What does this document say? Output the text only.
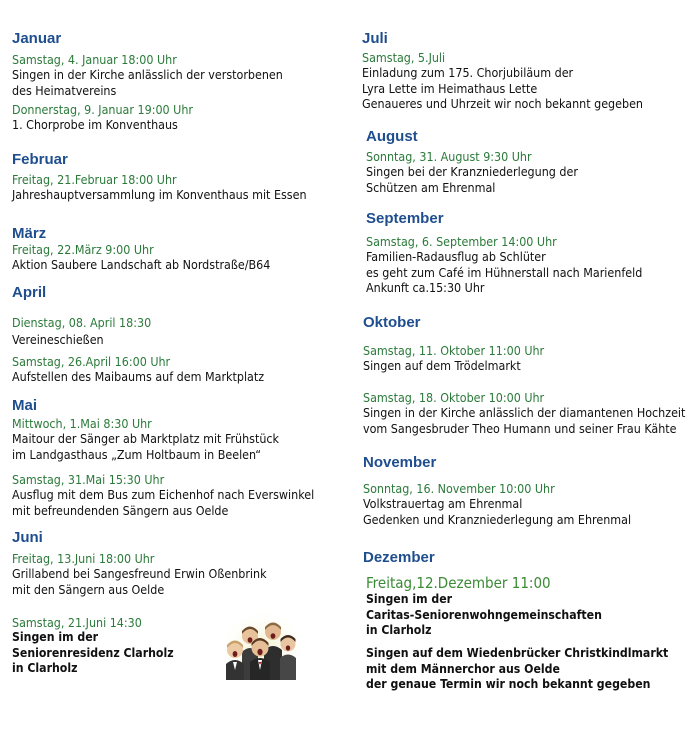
Januar
Samstag, 4. Januar 18:00 Uhr
Singen in der Kirche anlässlich der verstorbenen
des Heimatvereins
Donnerstag, 9. Januar 19:00 Uhr
1. Chorprobe im Konventhaus
Februar
Freitag, 21.Februar 18:00 Uhr
Jahreshauptversammlung im Konventhaus mit Essen
März
Freitag, 22.März 9:00 Uhr
Aktion Saubere Landschaft ab Nordstraße/B64
April
Dienstag, 08. April 18:30
Vereineschießen
Samstag, 26.April 16:00 Uhr
Aufstellen des Maibaums auf dem Marktplatz
Mai
Mittwoch, 1.Mai 8:30 Uhr
Maitour der Sänger ab Marktplatz mit Frühstück
im Landgasthaus „Zum Holtbaum in Beelen“
Samstag, 31.Mai 15:30 Uhr
Ausflug mit dem Bus zum Eichenhof nach Everswinkel
mit befreundenden Sängern aus Oelde
Juni
Freitag, 13.Juni 18:00 Uhr
Grillabend bei Sangesfreund Erwin Oßenbrink
mit den Sängern aus Oelde
Samstag, 21.Juni 14:30
Singen im der
Seniorenresidenz Clarholz
in Clarholz
Juli
Samstag, 5.Juli
Einladung zum 175. Chorjubiläum der
Lyra Lette im Heimathaus Lette
Genaueres und Uhrzeit wir noch bekannt gegeben
August
Sonntag, 31. August 9:30 Uhr
Singen bei der Kranzniederlegung der
Schützen am Ehrenmal
September
Samstag, 6. September 14:00 Uhr
Familien-Radausflug ab Schlüter
es geht zum Café im Hühnerstall nach Marienfeld
Ankunft ca.15:30 Uhr
Oktober
Samstag, 11. Oktober 11:00 Uhr
Singen auf dem Trödelmarkt
Samstag, 18. Oktober 10:00 Uhr
Singen in der Kirche anlässlich der diamantenen Hochzeit
vom Sangesbruder Theo Humann und seiner Frau Kähte
November
Sonntag, 16. November 10:00 Uhr
Volkstrauertag am Ehrenmal
Gedenken und Kranzniederlegung am Ehrenmal
Dezember
Freitag,12.Dezember 11:00
Singen im der
Caritas-Seniorenwohngemeinschaften
in Clarholz
Singen auf dem Wiedenbrücker Christkindlmarkt
mit dem Männerchor aus Oelde
der genaue Termin wir noch bekannt gegeben
